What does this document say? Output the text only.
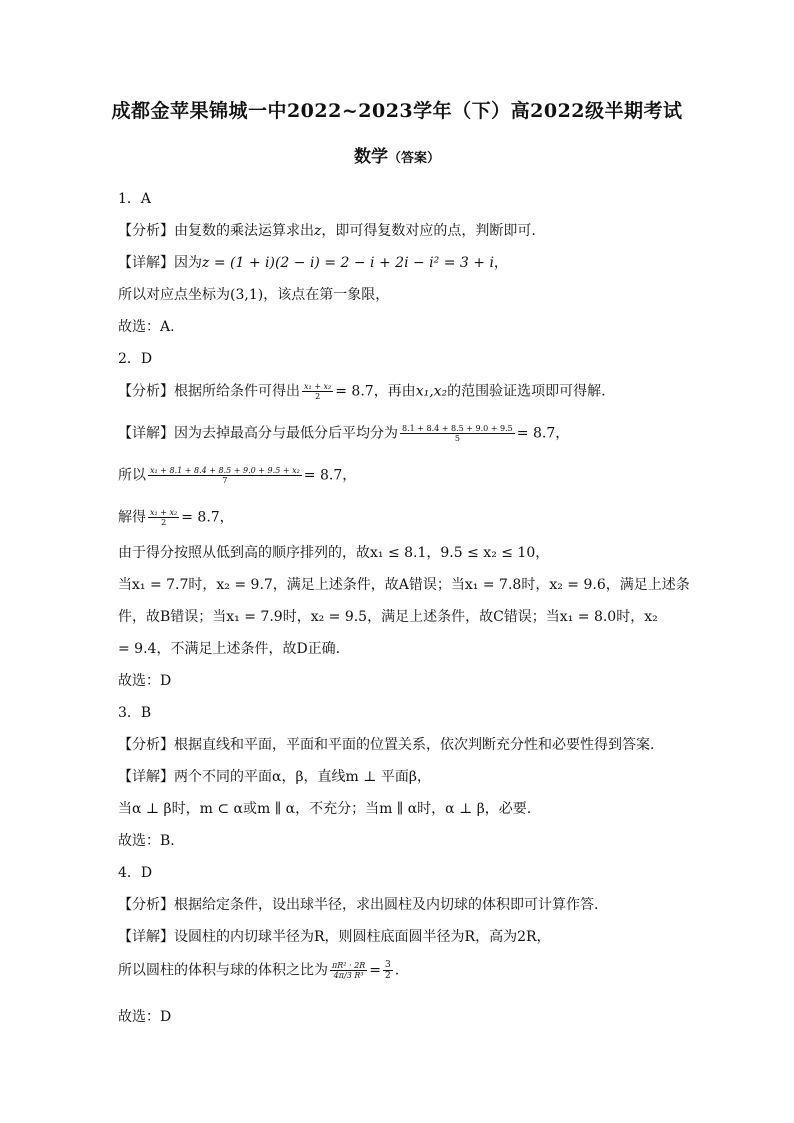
成都金苹果锦城一中2022~2023学年（下）高2022级半期考试
数学（答案）
1．A
【分析】由复数的乘法运算求出z，即可得复数对应的点，判断即可.
【详解】因为z = (1 + i)(2 − i) = 2 − i + 2i − i² = 3 + i，
所以对应点坐标为(3,1)，该点在第一象限，
故选：A.
2．D
【分析】根据所给条件可得出 $\frac{\text{x₁ + x₂}}{2} = 8.7$，再由x₁,x₂的范围验证选项即可得解.
【详解】因为去掉最高分与最低分后平均分为 $\frac{8.1 + 8.4 + 8.5 + 9.0 + 9.5}{5} = 8.7$，
所以 $\frac{\text{x₁ + 8.1 + 8.4 + 8.5 + 9.0 + 9.5 + x₂}}{7} = 8.7$，
解得 $\frac{\text{x₁ + x₂}}{2} = 8.7$，
由于得分按照从低到高的顺序排列的，故x₁ ≤ 8.1，9.5 ≤ x₂ ≤ 10，
当x₁ = 7.7时，x₂ = 9.7，满足上述条件，故A错误；当x₁ = 7.8时，x₂ = 9.6，满足上述条
件，故B错误；当x₁ = 7.9时，x₂ = 9.5，满足上述条件，故C错误；当x₁ = 8.0时，x₂
= 9.4，不满足上述条件，故D正确.
故选：D
3．B
【分析】根据直线和平面，平面和平面的位置关系，依次判断充分性和必要性得到答案.
【详解】两个不同的平面α，β，直线m ⊥ 平面β，
当α ⊥ β时，m ⊂ α或m ∥ α，不充分；当m ∥ α时，α ⊥ β，必要.
故选：B.
4．D
【分析】根据给定条件，设出球半径，求出圆柱及内切球的体积即可计算作答.
【详解】设圆柱的内切球半径为R，则圆柱底面圆半径为R，高为2R，
所以圆柱的体积与球的体积之比为 $\frac{\text{πR² · 2R}}{\text{4π/3 R³}} = \frac{3}{2}$ .
故选：D
